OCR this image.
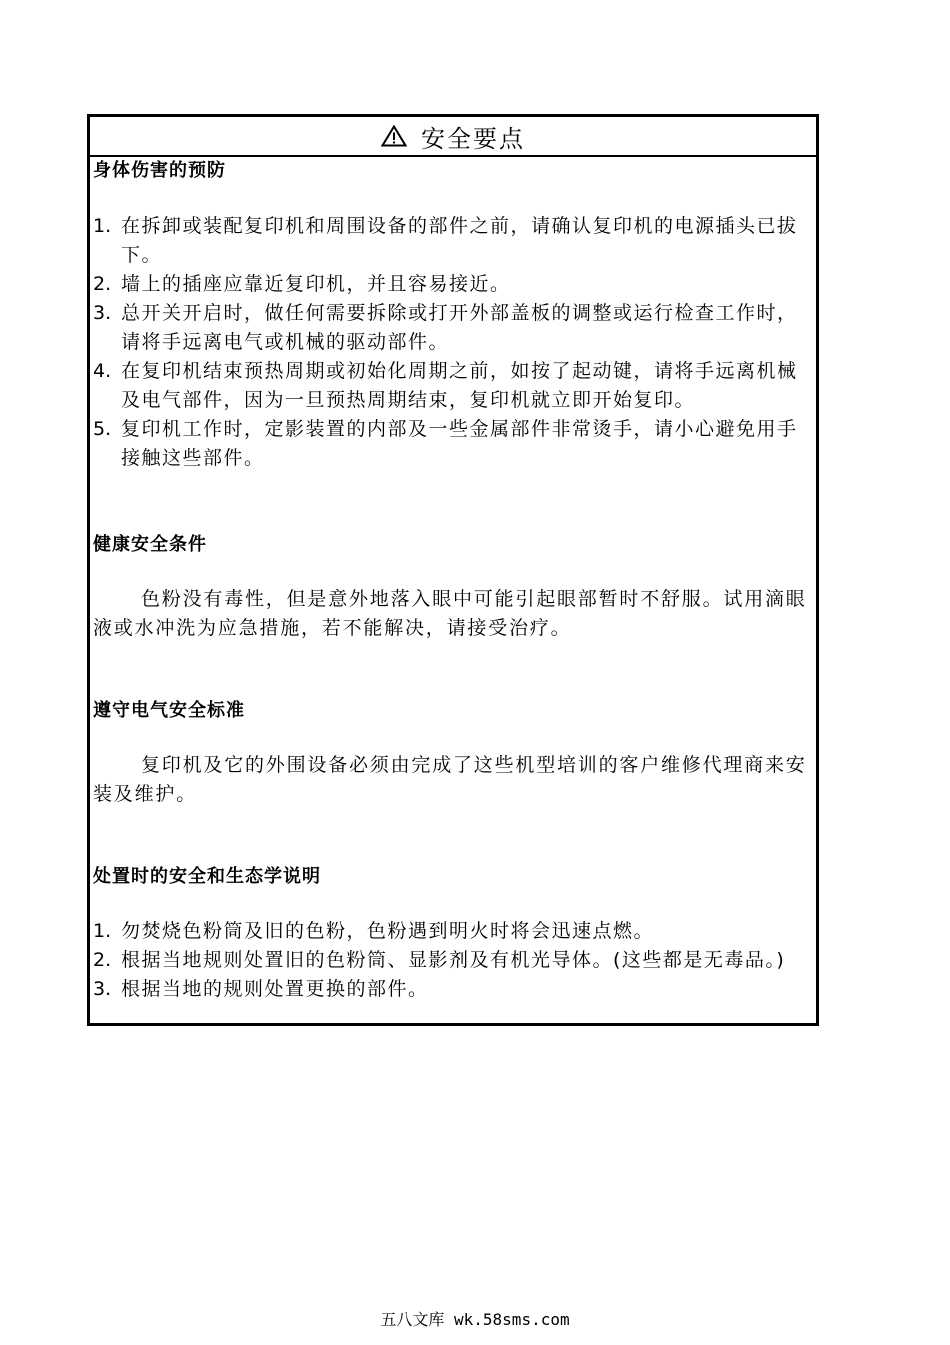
安全要点
身体伤害的预防
1. 在拆卸或装配复印机和周围设备的部件之前，请确认复印机的电源插头已拔下。
2. 墙上的插座应靠近复印机，并且容易接近。
3. 总开关开启时，做任何需要拆除或打开外部盖板的调整或运行检查工作时，请将手远离电气或机械的驱动部件。
4. 在复印机结束预热周期或初始化周期之前，如按了起动键，请将手远离机械及电气部件，因为一旦预热周期结束，复印机就立即开始复印。
5. 复印机工作时，定影装置的内部及一些金属部件非常烫手，请小心避免用手接触这些部件。
健康安全条件
色粉没有毒性，但是意外地落入眼中可能引起眼部暂时不舒服。试用滴眼液或水冲洗为应急措施，若不能解决，请接受治疗。
遵守电气安全标准
复印机及它的外围设备必须由完成了这些机型培训的客户维修代理商来安装及维护。
处置时的安全和生态学说明
1. 勿焚烧色粉筒及旧的色粉，色粉遇到明火时将会迅速点燃。
2. 根据当地规则处置旧的色粉筒、显影剂及有机光导体。(这些都是无毒品。)
3. 根据当地的规则处置更换的部件。
五八文库 wk.58sms.com
